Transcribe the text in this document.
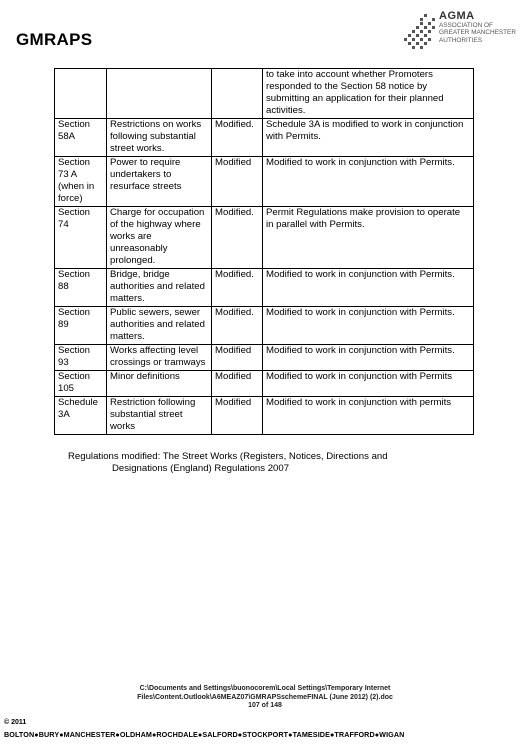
GMRAPS
AGMA
ASSOCIATION OF
GREATER MANCHESTER
AUTHORITIES
			to take into account whether Promoters responded to the Section 58 notice by submitting an application for their planned activities.
Section 58A	Restrictions on works following substantial street works.	Modified.	Schedule 3A is modified to work in conjunction with Permits.
Section 73 A (when in force)	Power to require undertakers to resurface streets	Modified	Modified to work in conjunction with Permits.
Section 74	Charge for occupation of the highway where works are unreasonably prolonged.	Modified.	Permit Regulations make provision to operate in parallel with Permits.
Section 88	Bridge, bridge authorities and related matters.	Modified.	Modified to work in conjunction with Permits.
Section 89	Public sewers, sewer authorities and related matters.	Modified.	Modified to work in conjunction with Permits.
Section 93	Works affecting level crossings or tramways	Modified	Modified to work in conjunction with Permits.
Section 105	Minor definitions	Modified	Modified to work in conjunction with Permits
Schedule 3A	Restriction following substantial street works	Modified	Modified to work in conjunction with permits
Regulations modified: The Street Works (Registers, Notices, Directions and
Designations (England) Regulations 2007
C:\Documents and Settings\buonocorem\Local Settings\Temporary Internet
Files\Content.Outlook\A6MEAZ07\GMRAPSschemeFINAL (June 2012) (2).doc
107 of 148
© 2011
BOLTON●BURY●MANCHESTER●OLDHAM●ROCHDALE●SALFORD●STOCKPORT●TAMESIDE●TRAFFORD●WIGAN
